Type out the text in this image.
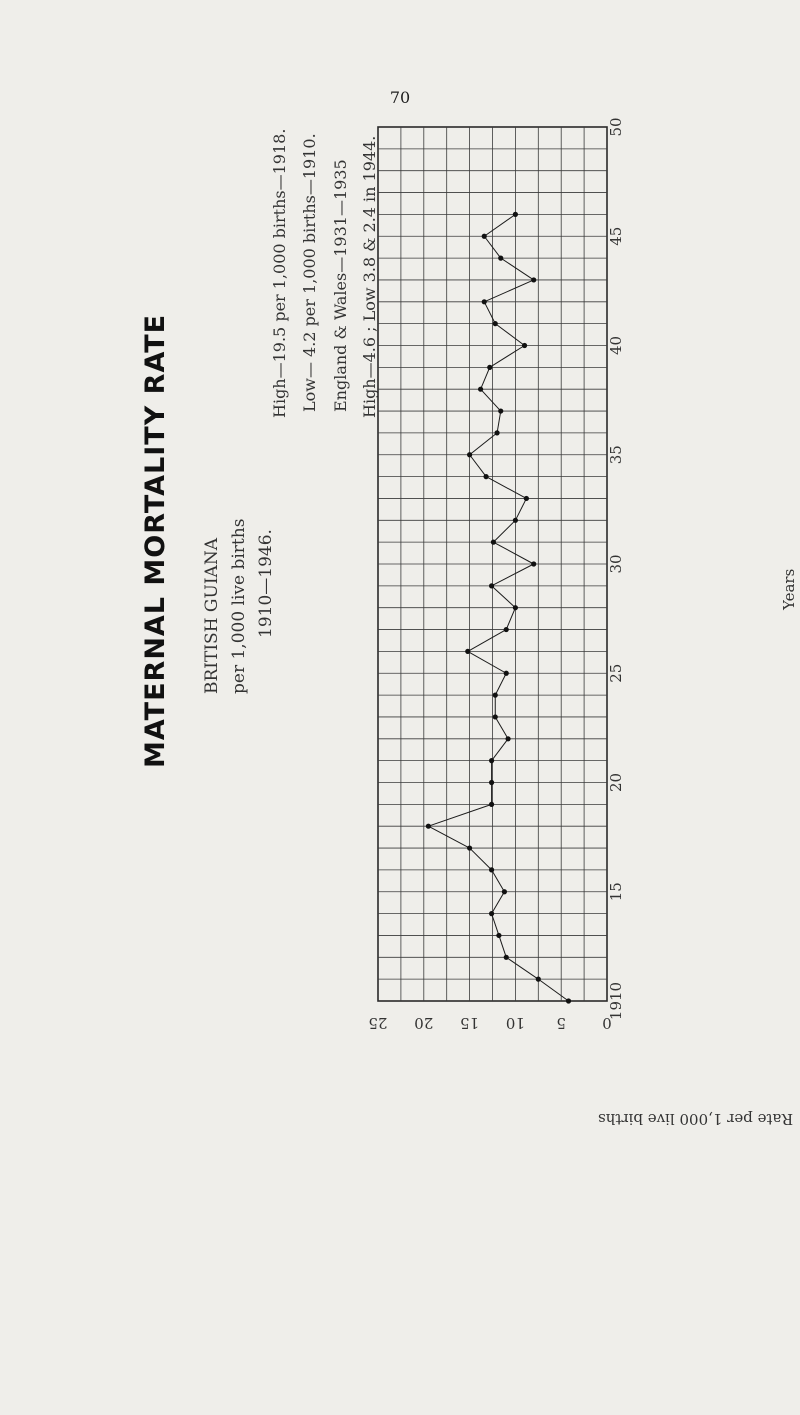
70
MATERNAL MORTALITY RATE BRITISH GUIANA per 1,000 live births 1910—1946.
High—19.5 per 1,000 births—1918. Low— 4.2 per 1,000 births—1910. England & Wales—1931—1935 High—4.6 ; Low 3.8 & 2.4 in 1944.
Years
Rate per 1,000 live births
1910
15
20
25
30
35
40
45
50
25 20 15 10 5 0
